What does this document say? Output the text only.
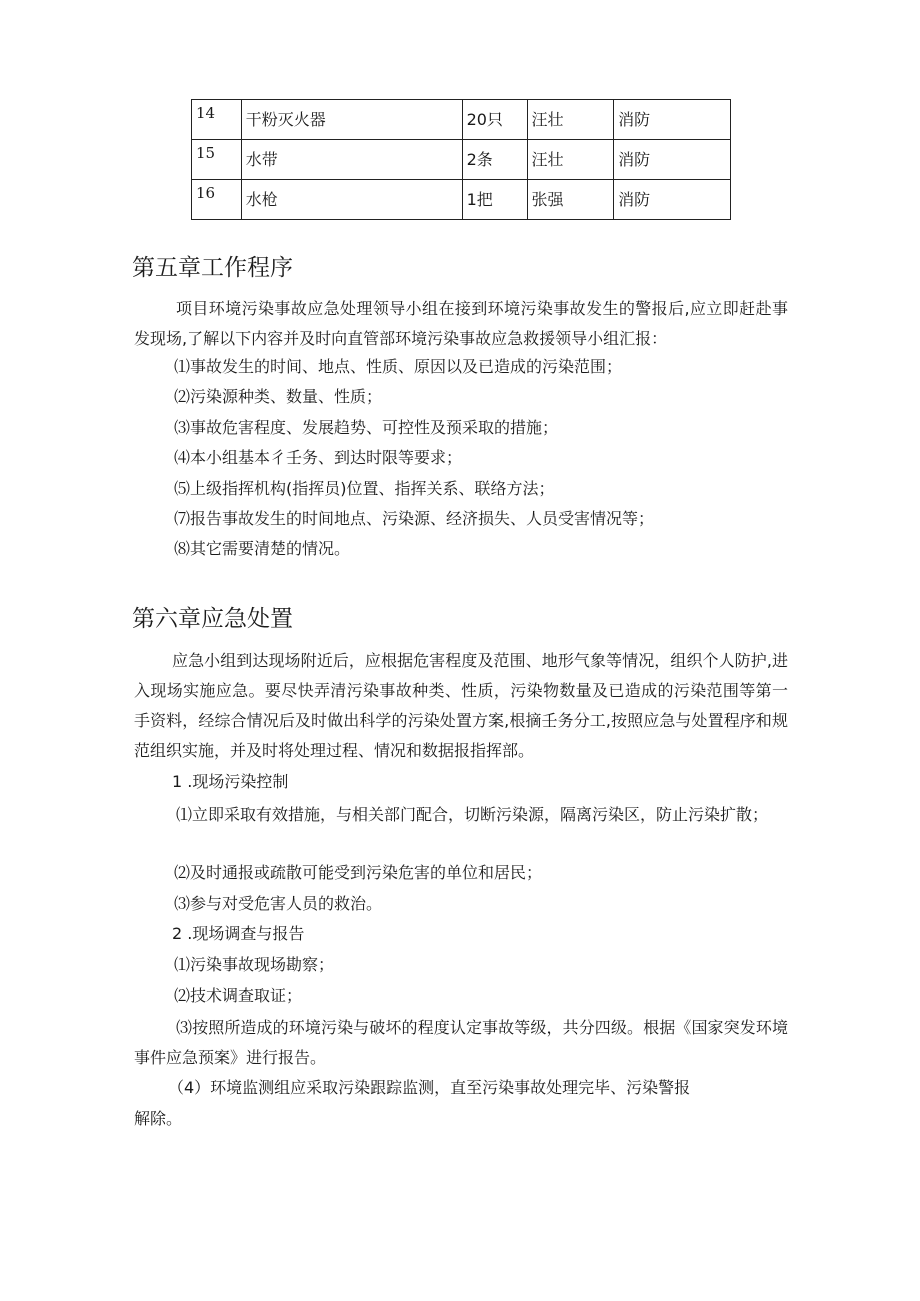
14	干粉灭火器	20只	汪壮	消防
15	水带	2条	汪壮	消防
16	水枪	1把	张强	消防
第五章工作程序

项目环境污染事故应急处理领导小组在接到环境污染事故发生的警报后,应立即赶赴事发现场,了解以下内容并及时向直管部环境污染事故应急救援领导小组汇报：

⑴事故发生的时间、地点、性质、原因以及已造成的污染范围；

⑵污染源种类、数量、性质；

⑶事故危害程度、发展趋势、可控性及预采取的措施；

⑷本小组基本彳壬务、到达时限等要求；

⑸上级指挥机构(指挥员)位置、指挥关系、联络方法；

⑺报告事故发生的时间地点、污染源、经济损失、人员受害情况等；

⑻其它需要清楚的情况。

第六章应急处置

应急小组到达现场附近后，应根据危害程度及范围、地形气象等情况，组织个人防护,进入现场实施应急。要尽快弄清污染事故种类、性质，污染物数量及已造成的污染范围等第一手资料，经综合情况后及时做出科学的污染处置方案,根摘壬务分工,按照应急与处置程序和规范组织实施，并及时将处理过程、情况和数据报指挥部。

1 .现场污染控制

⑴立即采取有效措施，与相关部门配合，切断污染源，隔离污染区，防止污染扩散；

⑵及时通报或疏散可能受到污染危害的单位和居民；

⑶参与对受危害人员的救治。

2 .现场调查与报告

⑴污染事故现场勘察；

⑵技术调查取证；

⑶按照所造成的环境污染与破坏的程度认定事故等级，共分四级。根据《国家突发环境事件应急预案》进行报告。

（4）环境监测组应采取污染跟踪监测，直至污染事故处理完毕、污染警报

解除。
